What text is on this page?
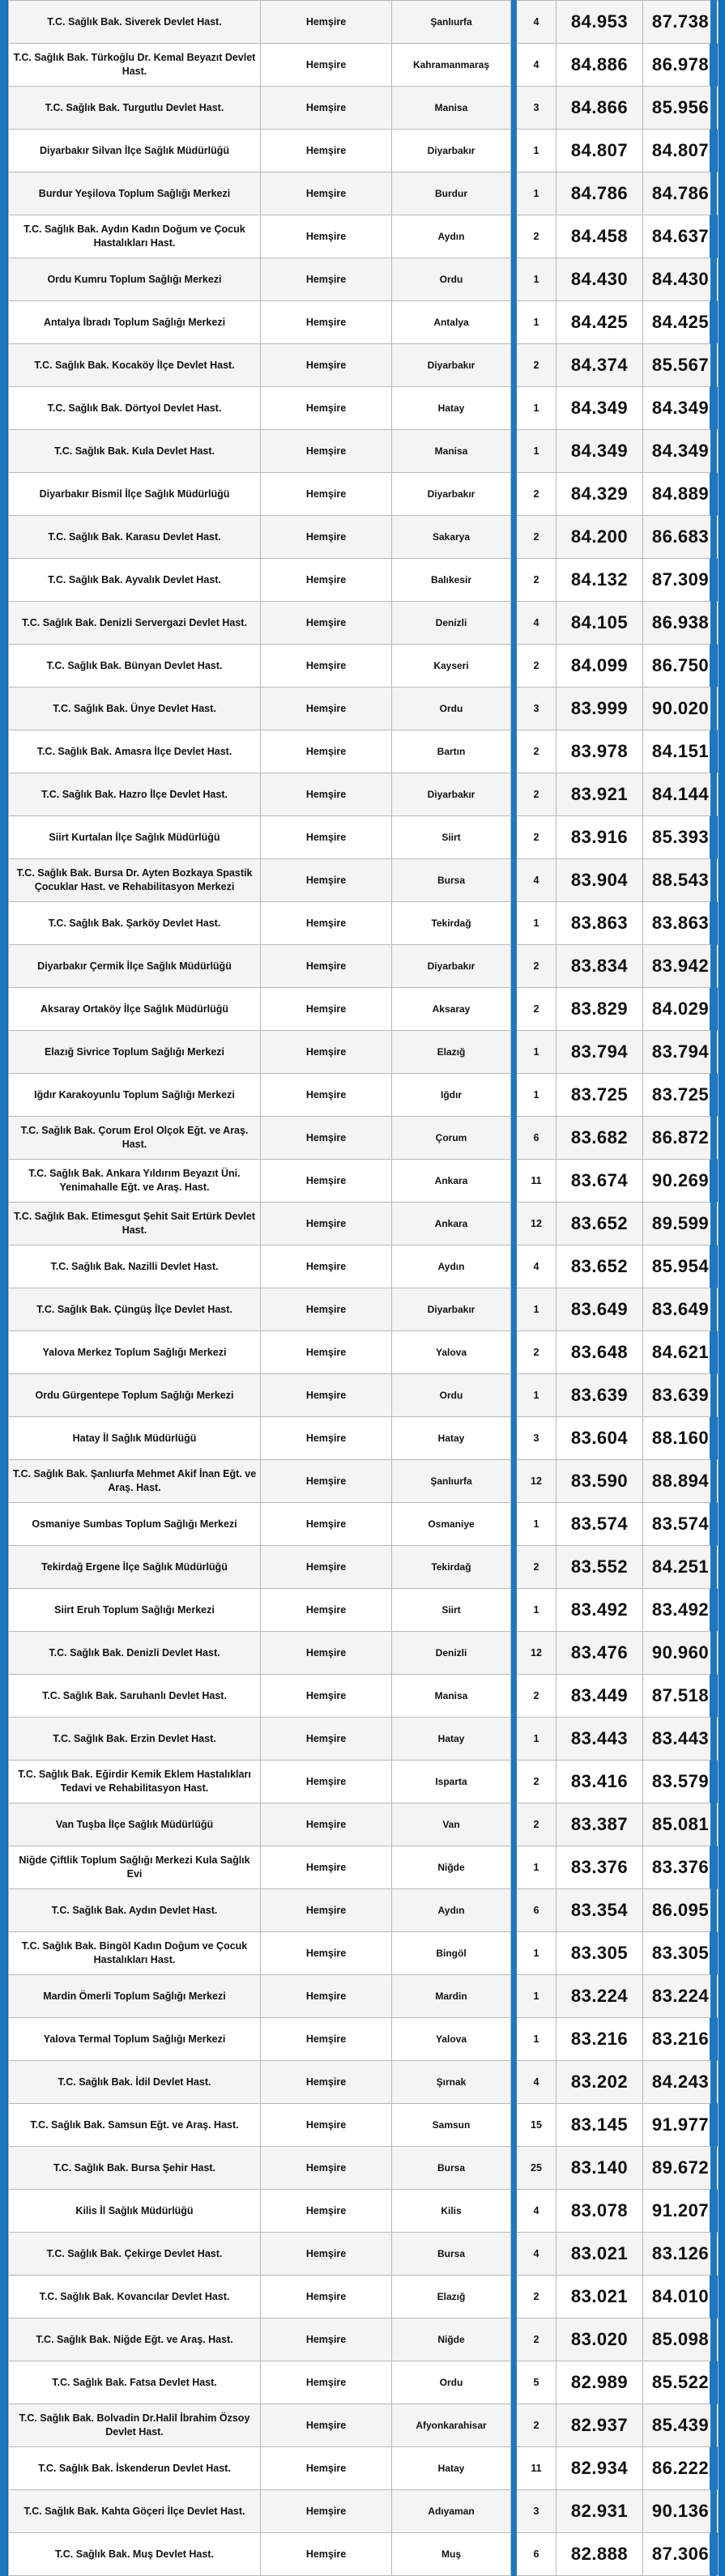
T.C. Sağlık Bak. Siverek Devlet Hast.	Hemşire	Şanlıurfa		4	84.953	87.738
T.C. Sağlık Bak. Türkoğlu Dr. Kemal Beyazıt Devlet Hast.	Hemşire	Kahramanmaraş		4	84.886	86.978
T.C. Sağlık Bak. Turgutlu Devlet Hast.	Hemşire	Manisa		3	84.866	85.956
Diyarbakır Silvan İlçe Sağlık Müdürlüğü	Hemşire	Diyarbakır		1	84.807	84.807
Burdur Yeşilova Toplum Sağlığı Merkezi	Hemşire	Burdur		1	84.786	84.786
T.C. Sağlık Bak. Aydın Kadın Doğum ve Çocuk Hastalıkları Hast.	Hemşire	Aydın		2	84.458	84.637
Ordu Kumru Toplum Sağlığı Merkezi	Hemşire	Ordu		1	84.430	84.430
Antalya İbradı Toplum Sağlığı Merkezi	Hemşire	Antalya		1	84.425	84.425
T.C. Sağlık Bak. Kocaköy İlçe Devlet Hast.	Hemşire	Diyarbakır		2	84.374	85.567
T.C. Sağlık Bak. Dörtyol Devlet Hast.	Hemşire	Hatay		1	84.349	84.349
T.C. Sağlık Bak. Kula Devlet Hast.	Hemşire	Manisa		1	84.349	84.349
Diyarbakır Bismil İlçe Sağlık Müdürlüğü	Hemşire	Diyarbakır		2	84.329	84.889
T.C. Sağlık Bak. Karasu Devlet Hast.	Hemşire	Sakarya		2	84.200	86.683
T.C. Sağlık Bak. Ayvalık Devlet Hast.	Hemşire	Balıkesir		2	84.132	87.309
T.C. Sağlık Bak. Denizli Servergazi Devlet Hast.	Hemşire	Denizli		4	84.105	86.938
T.C. Sağlık Bak. Bünyan Devlet Hast.	Hemşire	Kayseri		2	84.099	86.750
T.C. Sağlık Bak. Ünye Devlet Hast.	Hemşire	Ordu		3	83.999	90.020
T.C. Sağlık Bak. Amasra İlçe Devlet Hast.	Hemşire	Bartın		2	83.978	84.151
T.C. Sağlık Bak. Hazro İlçe Devlet Hast.	Hemşire	Diyarbakır		2	83.921	84.144
Siirt Kurtalan İlçe Sağlık Müdürlüğü	Hemşire	Siirt		2	83.916	85.393
T.C. Sağlık Bak. Bursa Dr. Ayten Bozkaya Spastik Çocuklar Hast. ve Rehabilitasyon Merkezi	Hemşire	Bursa		4	83.904	88.543
T.C. Sağlık Bak. Şarköy Devlet Hast.	Hemşire	Tekirdağ		1	83.863	83.863
Diyarbakır Çermik İlçe Sağlık Müdürlüğü	Hemşire	Diyarbakır		2	83.834	83.942
Aksaray Ortaköy İlçe Sağlık Müdürlüğü	Hemşire	Aksaray		2	83.829	84.029
Elazığ Sivrice Toplum Sağlığı Merkezi	Hemşire	Elazığ		1	83.794	83.794
Iğdır Karakoyunlu Toplum Sağlığı Merkezi	Hemşire	Iğdır		1	83.725	83.725
T.C. Sağlık Bak. Çorum Erol Olçok Eğt. ve Araş. Hast.	Hemşire	Çorum		6	83.682	86.872
T.C. Sağlık Bak. Ankara Yıldırım Beyazıt Üni. Yenimahalle Eğt. ve Araş. Hast.	Hemşire	Ankara		11	83.674	90.269
T.C. Sağlık Bak. Etimesgut Şehit Sait Ertürk Devlet Hast.	Hemşire	Ankara		12	83.652	89.599
T.C. Sağlık Bak. Nazilli Devlet Hast.	Hemşire	Aydın		4	83.652	85.954
T.C. Sağlık Bak. Çüngüş İlçe Devlet Hast.	Hemşire	Diyarbakır		1	83.649	83.649
Yalova Merkez Toplum Sağlığı Merkezi	Hemşire	Yalova		2	83.648	84.621
Ordu Gürgentepe Toplum Sağlığı Merkezi	Hemşire	Ordu		1	83.639	83.639
Hatay İl Sağlık Müdürlüğü	Hemşire	Hatay		3	83.604	88.160
T.C. Sağlık Bak. Şanlıurfa Mehmet Akif İnan Eğt. ve Araş. Hast.	Hemşire	Şanlıurfa		12	83.590	88.894
Osmaniye Sumbas Toplum Sağlığı Merkezi	Hemşire	Osmaniye		1	83.574	83.574
Tekirdağ Ergene İlçe Sağlık Müdürlüğü	Hemşire	Tekirdağ		2	83.552	84.251
Siirt Eruh Toplum Sağlığı Merkezi	Hemşire	Siirt		1	83.492	83.492
T.C. Sağlık Bak. Denizli Devlet Hast.	Hemşire	Denizli		12	83.476	90.960
T.C. Sağlık Bak. Saruhanlı Devlet Hast.	Hemşire	Manisa		2	83.449	87.518
T.C. Sağlık Bak. Erzin Devlet Hast.	Hemşire	Hatay		1	83.443	83.443
T.C. Sağlık Bak. Eğirdir Kemik Eklem Hastalıkları Tedavi ve Rehabilitasyon Hast.	Hemşire	Isparta		2	83.416	83.579
Van Tuşba İlçe Sağlık Müdürlüğü	Hemşire	Van		2	83.387	85.081
Niğde Çiftlik Toplum Sağlığı Merkezi Kula Sağlık Evi	Hemşire	Niğde		1	83.376	83.376
T.C. Sağlık Bak. Aydın Devlet Hast.	Hemşire	Aydın		6	83.354	86.095
T.C. Sağlık Bak. Bingöl Kadın Doğum ve Çocuk Hastalıkları Hast.	Hemşire	Bingöl		1	83.305	83.305
Mardin Ömerli Toplum Sağlığı Merkezi	Hemşire	Mardin		1	83.224	83.224
Yalova Termal Toplum Sağlığı Merkezi	Hemşire	Yalova		1	83.216	83.216
T.C. Sağlık Bak. İdil Devlet Hast.	Hemşire	Şırnak		4	83.202	84.243
T.C. Sağlık Bak. Samsun Eğt. ve Araş. Hast.	Hemşire	Samsun		15	83.145	91.977
T.C. Sağlık Bak. Bursa Şehir Hast.	Hemşire	Bursa		25	83.140	89.672
Kilis İl Sağlık Müdürlüğü	Hemşire	Kilis		4	83.078	91.207
T.C. Sağlık Bak. Çekirge Devlet Hast.	Hemşire	Bursa		4	83.021	83.126
T.C. Sağlık Bak. Kovancılar Devlet Hast.	Hemşire	Elazığ		2	83.021	84.010
T.C. Sağlık Bak. Niğde Eğt. ve Araş. Hast.	Hemşire	Niğde		2	83.020	85.098
T.C. Sağlık Bak. Fatsa Devlet Hast.	Hemşire	Ordu		5	82.989	85.522
T.C. Sağlık Bak. Bolvadin Dr.Halil İbrahim Özsoy Devlet Hast.	Hemşire	Afyonkarahisar		2	82.937	85.439
T.C. Sağlık Bak. İskenderun Devlet Hast.	Hemşire	Hatay		11	82.934	86.222
T.C. Sağlık Bak. Kahta Göçeri İlçe Devlet Hast.	Hemşire	Adıyaman		3	82.931	90.136
T.C. Sağlık Bak. Muş Devlet Hast.	Hemşire	Muş		6	82.888	87.306
